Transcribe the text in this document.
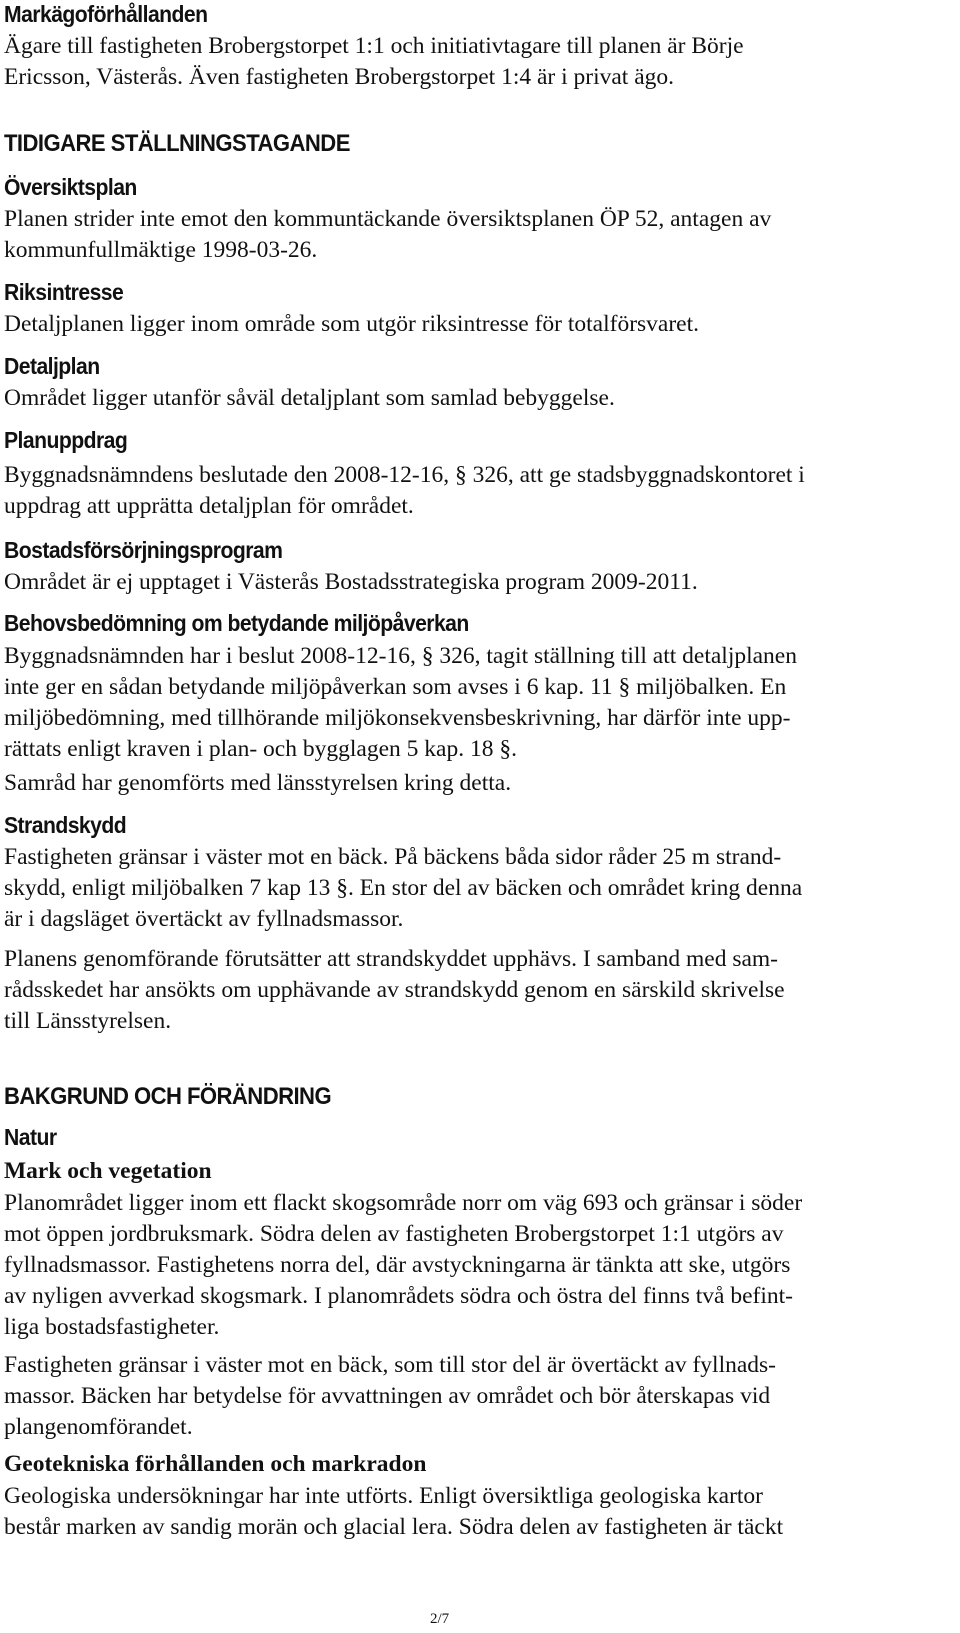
Markägoförhållanden

Ägare till fastigheten Brobergstorpet 1:1 och initiativtagare till planen är Börje
Ericsson, Västerås. Även fastigheten Brobergstorpet 1:4 är i privat ägo.

TIDIGARE STÄLLNINGSTAGANDE
Översiktsplan

Planen strider inte emot den kommuntäckande översiktsplanen ÖP 52, antagen av
kommunfullmäktige 1998-03-26.

Riksintresse

Detaljplanen ligger inom område som utgör riksintresse för totalförsvaret.

Detaljplan

Området ligger utanför såväl detaljplant som samlad bebyggelse.

Planuppdrag

Byggnadsnämndens beslutade den 2008-12-16, § 326, att ge stadsbyggnadskontoret i
uppdrag att upprätta detaljplan för området.

Bostadsförsörjningsprogram

Området är ej upptaget i Västerås Bostadsstrategiska program 2009-2011.

Behovsbedömning om betydande miljöpåverkan

Byggnadsnämnden har i beslut 2008-12-16, § 326, tagit ställning till att detaljplanen
inte ger en sådan betydande miljöpåverkan som avses i 6 kap. 11 § miljöbalken. En
miljöbedömning, med tillhörande miljökonsekvensbeskrivning, har därför inte upp-
rättats enligt kraven i plan- och bygglagen 5 kap. 18 §.

Samråd har genomförts med länsstyrelsen kring detta.

Strandskydd

Fastigheten gränsar i väster mot en bäck. På bäckens båda sidor råder 25 m strand-
skydd, enligt miljöbalken 7 kap 13 §. En stor del av bäcken och området kring denna
är i dagsläget övertäckt av fyllnadsmassor.

Planens genomförande förutsätter att strandskyddet upphävs. I samband med sam-
rådsskedet har ansökts om upphävande av strandskydd genom en särskild skrivelse
till Länsstyrelsen.

BAKGRUND OCH FÖRÄNDRING
Natur
Mark och vegetation

Planområdet ligger inom ett flackt skogsområde norr om väg 693 och gränsar i söder
mot öppen jordbruksmark. Södra delen av fastigheten Brobergstorpet 1:1 utgörs av
fyllnadsmassor. Fastighetens norra del, där avstyckningarna är tänkta att ske, utgörs
av nyligen avverkad skogsmark. I planområdets södra och östra del finns två befint-
liga bostadsfastigheter.

Fastigheten gränsar i väster mot en bäck, som till stor del är övertäckt av fyllnads-
massor. Bäcken har betydelse för avvattningen av området och bör återskapas vid
plangenomförandet.

Geotekniska förhållanden och markradon

Geologiska undersökningar har inte utförts. Enligt översiktliga geologiska kartor
består marken av sandig morän och glacial lera. Södra delen av fastigheten är täckt

2/7
